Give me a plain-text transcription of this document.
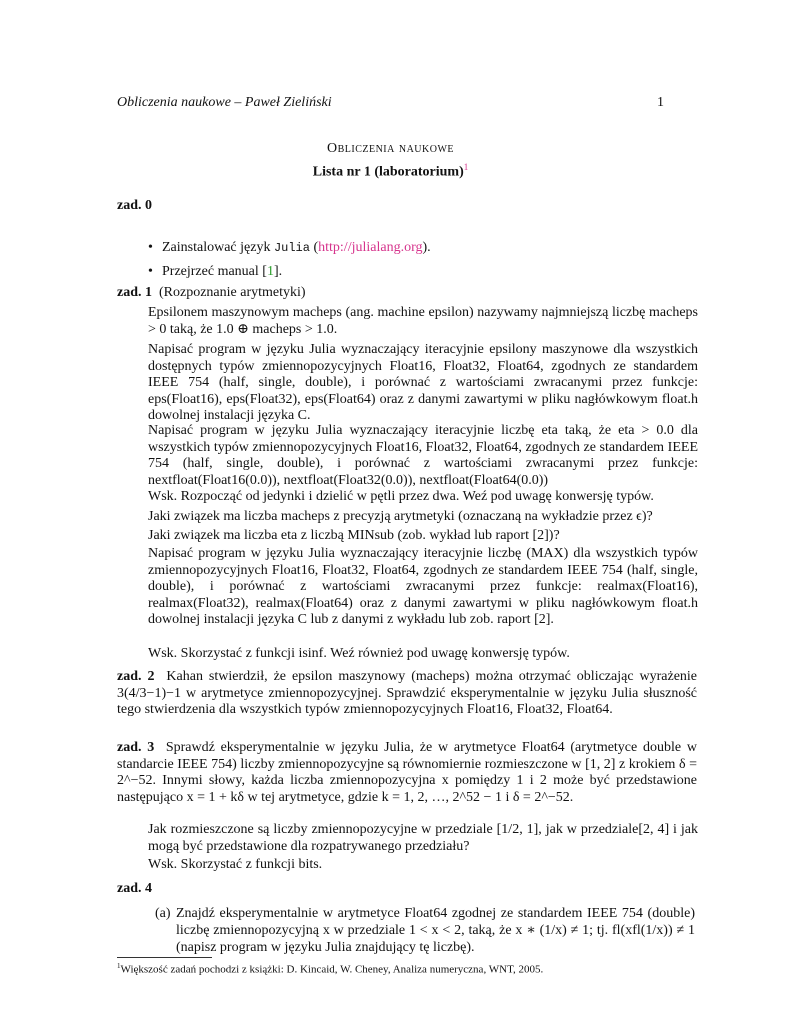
Obliczenia naukowe – Paweł Zieliński	1
Obliczenia naukowe
Lista nr 1 (laboratorium)$^1$
zad. 0
• Zainstalować język Julia (http://julialang.org).
• Przejrzeć manual [1].
zad. 1 (Rozpoznanie arytmetyki)
Epsilonem maszynowym macheps (ang. machine epsilon) nazywamy najmniejszą liczbę macheps > 0 taką, że 1.0 ⊕ macheps > 1.0.
Napisać program w języku Julia wyznaczający iteracyjnie epsilony maszynowe dla wszystkich dostępnych typów zmiennopozycyjnych Float16, Float32, Float64, zgodnych ze standardem IEEE 754 (half, single, double), i porównać z wartościami zwracanymi przez funkcje: eps(Float16), eps(Float32), eps(Float64) oraz z danymi zawartymi w pliku nagłówkowym float.h dowolnej instalacji języka C.
Napisać program w języku Julia wyznaczający iteracyjnie liczbę eta taką, że eta > 0.0 dla wszystkich typów zmiennopozycyjnych Float16, Float32, Float64, zgodnych ze standardem IEEE 754 (half, single, double), i porównać z wartościami zwracanymi przez funkcje: nextfloat(Float16(0.0)), nextfloat(Float32(0.0)), nextfloat(Float64(0.0))
Wsk. Rozpocząć od jedynki i dzielić w pętli przez dwa. Weź pod uwagę konwersję typów.
Jaki związek ma liczba macheps z precyzją arytmetyki (oznaczaną na wykładzie przez ϵ)?
Jaki związek ma liczba eta z liczbą MINsub (zob. wykład lub raport [2])?
Napisać program w języku Julia wyznaczający iteracyjnie liczbę (MAX) dla wszystkich typów zmiennopozycyjnych Float16, Float32, Float64, zgodnych ze standardem IEEE 754 (half, single, double), i porównać z wartościami zwracanymi przez funkcje: realmax(Float16), realmax(Float32), realmax(Float64) oraz z danymi zawartymi w pliku nagłówkowym float.h dowolnej instalacji języka C lub z danymi z wykładu lub zob. raport [2].
Wsk. Skorzystać z funkcji isinf. Weź również pod uwagę konwersję typów.
zad. 2 Kahan stwierdził, że epsilon maszynowy (macheps) można otrzymać obliczając wyrażenie 3(4/3−1)−1 w arytmetyce zmiennopozycyjnej. Sprawdzić eksperymentalnie w języku Julia słuszność tego stwierdzenia dla wszystkich typów zmiennopozycyjnych Float16, Float32, Float64.
zad. 3 Sprawdź eksperymentalnie w języku Julia, że w arytmetyce Float64 (arytmetyce double w standarcie IEEE 754) liczby zmiennopozycyjne są równomiernie rozmieszczone w [1, 2] z krokiem δ = 2^−52. Innymi słowy, każda liczba zmiennopozycyjna x pomiędzy 1 i 2 może być przedstawione następująco x = 1 + kδ w tej arytmetyce, gdzie k = 1, 2, …, 2^52 − 1 i δ = 2^−52.
Jak rozmieszczone są liczby zmiennopozycyjne w przedziale [1/2, 1], jak w przedziale[2, 4] i jak mogą być przedstawione dla rozpatrywanego przedziału?
Wsk. Skorzystać z funkcji bits.
zad. 4
(a) Znajdź eksperymentalnie w arytmetyce Float64 zgodnej ze standardem IEEE 754 (double) liczbę zmiennopozycyjną x w przedziale 1 < x < 2, taką, że x ∗ (1/x) ≠ 1; tj. fl(xfl(1/x)) ≠ 1 (napisz program w języku Julia znajdujący tę liczbę).
$^1$Większość zadań pochodzi z książki: D. Kincaid, W. Cheney, Analiza numeryczna, WNT, 2005.
